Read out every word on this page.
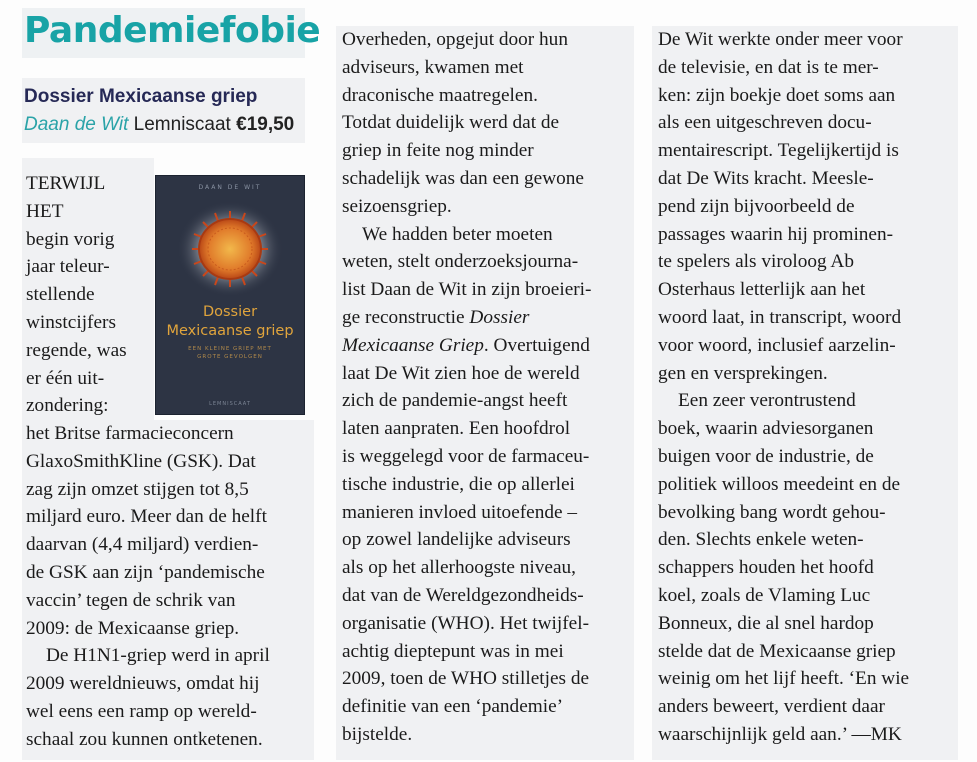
Pandemiefobie
Dossier Mexicaanse griep
Daan de Wit Lemniscaat €19,50
TERWIJL
HET
begin vorig
jaar teleur-
stellende
winstcijfers
regende, was
er één uit-
zondering:
het Britse farmacieconcern
GlaxoSmithKline (GSK). Dat
zag zijn omzet stijgen tot 8,5
miljard euro. Meer dan de helft
daarvan (4,4 miljard) verdien-
de GSK aan zijn ‘pandemische
vaccin’ tegen de schrik van
2009: de Mexicaanse griep.
De H1N1-griep werd in april
2009 wereldnieuws, omdat hij
wel eens een ramp op wereld-
schaal zou kunnen ontketenen.
DAAN DE WIT
Dossier
Mexicaanse griep
EEN KLEINE GRIEP MET
GROTE GEVOLGEN
LEMNISCAAT
Overheden, opgejut door hun
adviseurs, kwamen met
draconische maatregelen.
Totdat duidelijk werd dat de
griep in feite nog minder
schadelijk was dan een gewone
seizoensgriep.
We hadden beter moeten
weten, stelt onderzoeksjourna-
list Daan de Wit in zijn broeieri-
ge reconstructie Dossier
Mexicaanse Griep. Overtuigend
laat De Wit zien hoe de wereld
zich de pandemie-angst heeft
laten aanpraten. Een hoofdrol
is weggelegd voor de farmaceu-
tische industrie, die op allerlei
manieren invloed uitoefende –
op zowel landelijke adviseurs
als op het allerhoogste niveau,
dat van de Wereldgezondheids-
organisatie (WHO). Het twijfel-
achtig dieptepunt was in mei
2009, toen de WHO stilletjes de
definitie van een ‘pandemie’
bijstelde.
De Wit werkte onder meer voor
de televisie, en dat is te mer-
ken: zijn boekje doet soms aan
als een uitgeschreven docu-
mentairescript. Tegelijkertijd is
dat De Wits kracht. Meesle-
pend zijn bijvoorbeeld de
passages waarin hij prominen-
te spelers als viroloog Ab
Osterhaus letterlijk aan het
woord laat, in transcript, woord
voor woord, inclusief aarzelin-
gen en versprekingen.
Een zeer verontrustend
boek, waarin adviesorganen
buigen voor de industrie, de
politiek willoos meedeint en de
bevolking bang wordt gehou-
den. Slechts enkele weten-
schappers houden het hoofd
koel, zoals de Vlaming Luc
Bonneux, die al snel hardop
stelde dat de Mexicaanse griep
weinig om het lijf heeft. ‘En wie
anders beweert, verdient daar
waarschijnlijk geld aan.’ —MK
